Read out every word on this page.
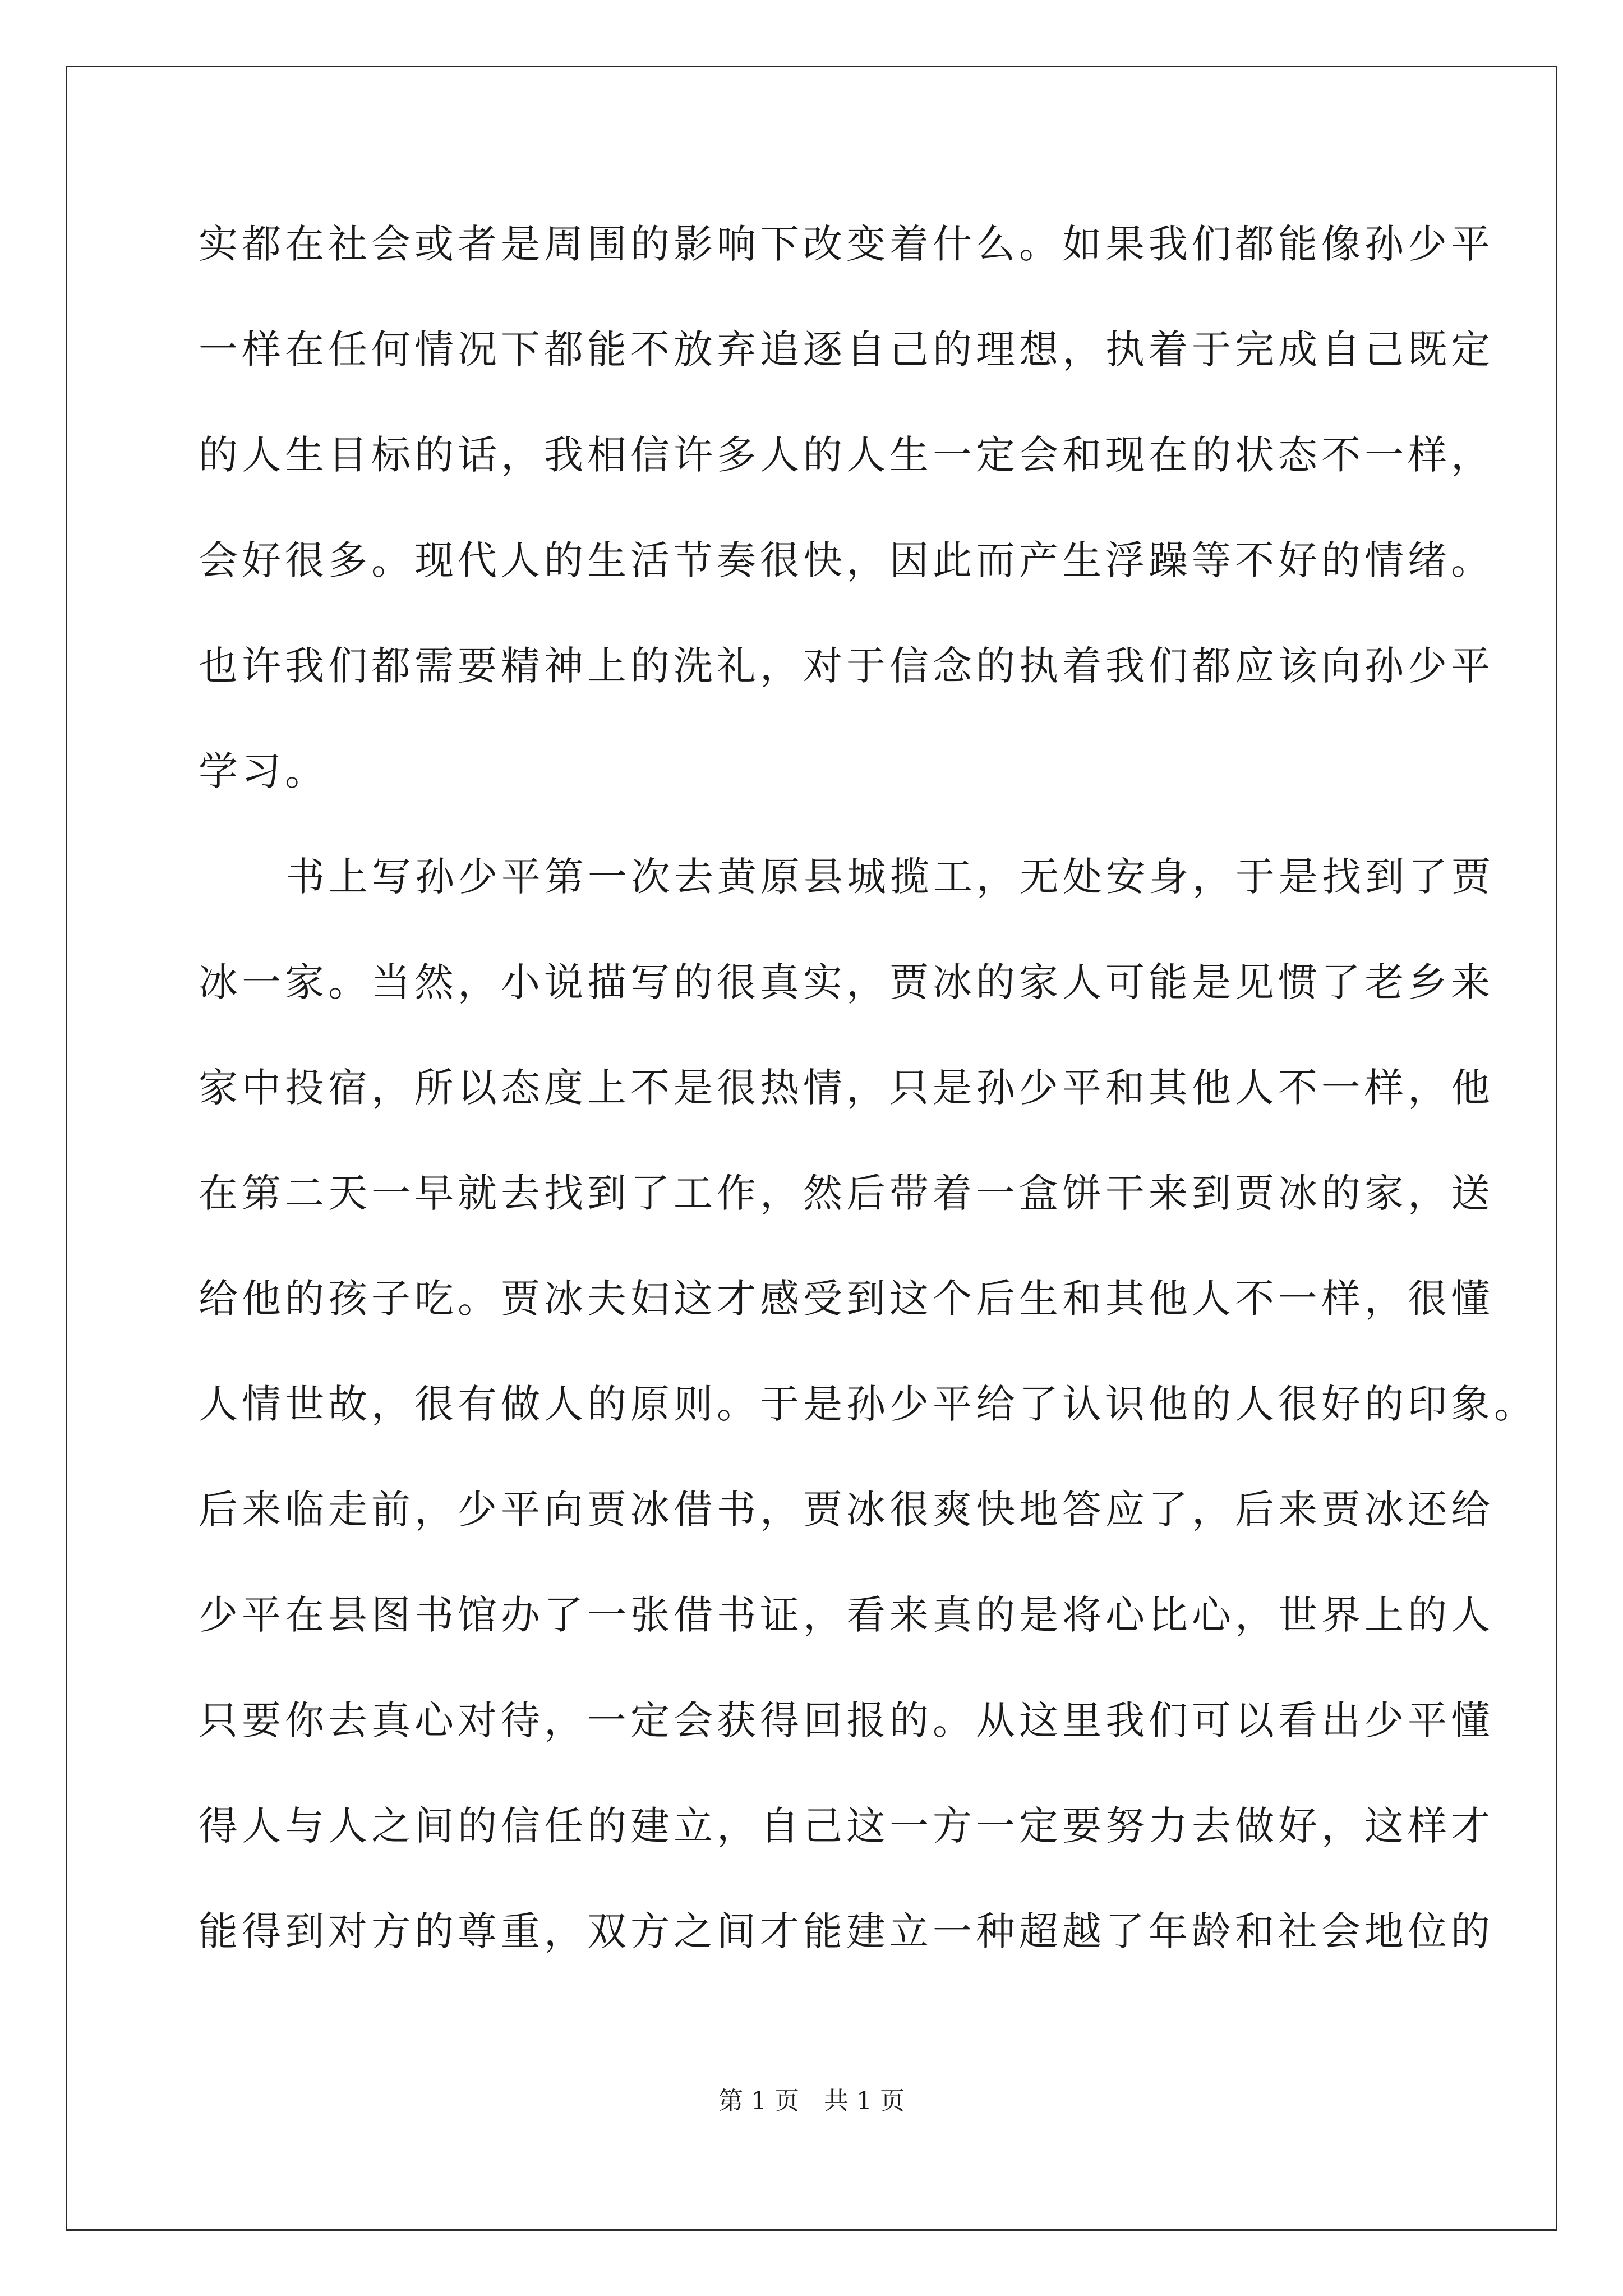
实都在社会或者是周围的影响下改变着什么。如果我们都能像孙少平
一样在任何情况下都能不放弃追逐自己的理想，执着于完成自己既定
的人生目标的话，我相信许多人的人生一定会和现在的状态不一样，
会好很多。现代人的生活节奏很快，因此而产生浮躁等不好的情绪。
也许我们都需要精神上的洗礼，对于信念的执着我们都应该向孙少平
学习。
书上写孙少平第一次去黄原县城揽工，无处安身，于是找到了贾
冰一家。当然，小说描写的很真实，贾冰的家人可能是见惯了老乡来
家中投宿，所以态度上不是很热情，只是孙少平和其他人不一样，他
在第二天一早就去找到了工作，然后带着一盒饼干来到贾冰的家，送
给他的孩子吃。贾冰夫妇这才感受到这个后生和其他人不一样，很懂
人情世故，很有做人的原则。于是孙少平给了认识他的人很好的印象。
后来临走前，少平向贾冰借书，贾冰很爽快地答应了，后来贾冰还给
少平在县图书馆办了一张借书证，看来真的是将心比心，世界上的人
只要你去真心对待，一定会获得回报的。从这里我们可以看出少平懂
得人与人之间的信任的建立，自己这一方一定要努力去做好，这样才
能得到对方的尊重，双方之间才能建立一种超越了年龄和社会地位的
第 1 页　共 1 页
